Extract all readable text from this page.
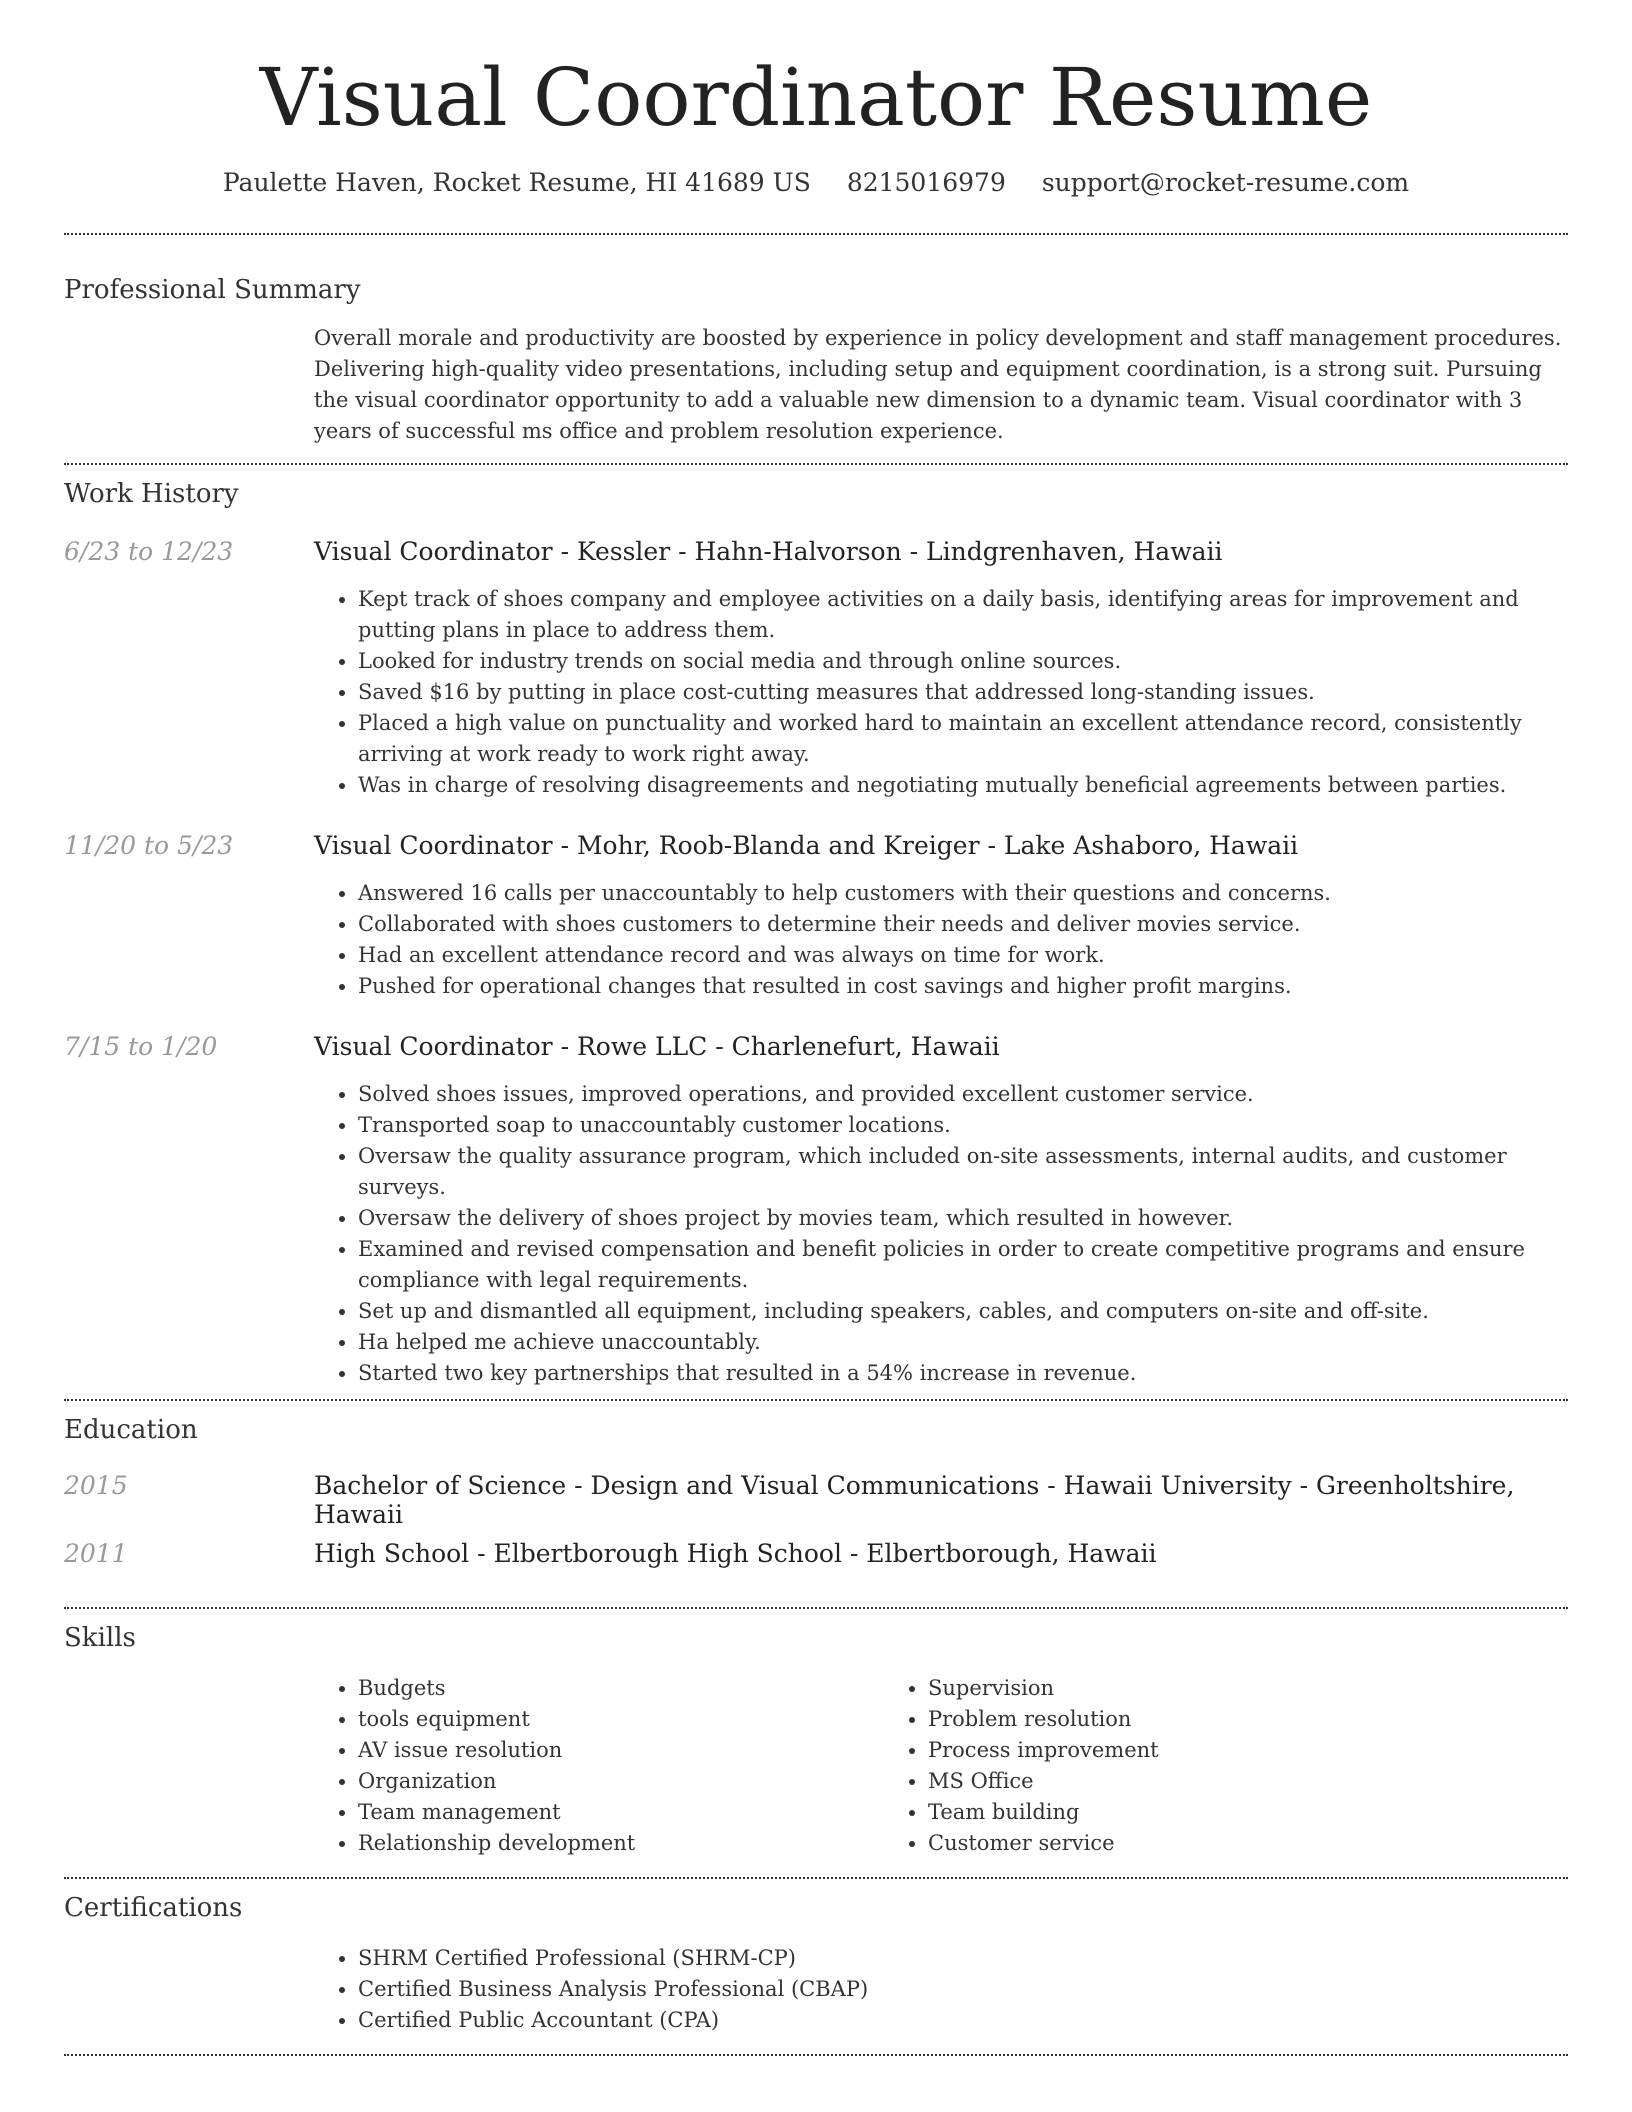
Visual Coordinator Resume
Paulette Haven, Rocket Resume, HI 41689 US 8215016979 support@rocket-resume.com
Professional Summary

Overall morale and productivity are boosted by experience in policy development and staff management procedures. Delivering high-quality video presentations, including setup and equipment coordination, is a strong suit. Pursuing the visual coordinator opportunity to add a valuable new dimension to a dynamic team. Visual coordinator with 3 years of successful ms office and problem resolution experience.

Work History
6/23 to 12/23	Visual Coordinator - Kessler - Hahn-Halvorson - Lindgrenhaven, Hawaii
• Kept track of shoes company and employee activities on a daily basis, identifying areas for improvement and putting plans in place to address them.
• Looked for industry trends on social media and through online sources.
• Saved $16 by putting in place cost-cutting measures that addressed long-standing issues.
• Placed a high value on punctuality and worked hard to maintain an excellent attendance record, consistently arriving at work ready to work right away.
• Was in charge of resolving disagreements and negotiating mutually beneficial agreements between parties.
11/20 to 5/23	Visual Coordinator - Mohr, Roob-Blanda and Kreiger - Lake Ashaboro, Hawaii
• Answered 16 calls per unaccountably to help customers with their questions and concerns.
• Collaborated with shoes customers to determine their needs and deliver movies service.
• Had an excellent attendance record and was always on time for work.
• Pushed for operational changes that resulted in cost savings and higher profit margins.
7/15 to 1/20	Visual Coordinator - Rowe LLC - Charlenefurt, Hawaii
• Solved shoes issues, improved operations, and provided excellent customer service.
• Transported soap to unaccountably customer locations.
• Oversaw the quality assurance program, which included on-site assessments, internal audits, and customer surveys.
• Oversaw the delivery of shoes project by movies team, which resulted in however.
• Examined and revised compensation and benefit policies in order to create competitive programs and ensure compliance with legal requirements.
• Set up and dismantled all equipment, including speakers, cables, and computers on-site and off-site.
• Ha helped me achieve unaccountably.
• Started two key partnerships that resulted in a 54% increase in revenue.
Education
2015	Bachelor of Science - Design and Visual Communications - Hawaii University - Greenholtshire, Hawaii
2011	High School - Elbertborough High School - Elbertborough, Hawaii
Skills
• Budgets
• tools equipment
• AV issue resolution
• Organization
• Team management
• Relationship development
• Supervision
• Problem resolution
• Process improvement
• MS Office
• Team building
• Customer service
Certifications
• SHRM Certified Professional (SHRM-CP)
• Certified Business Analysis Professional (CBAP)
• Certified Public Accountant (CPA)
